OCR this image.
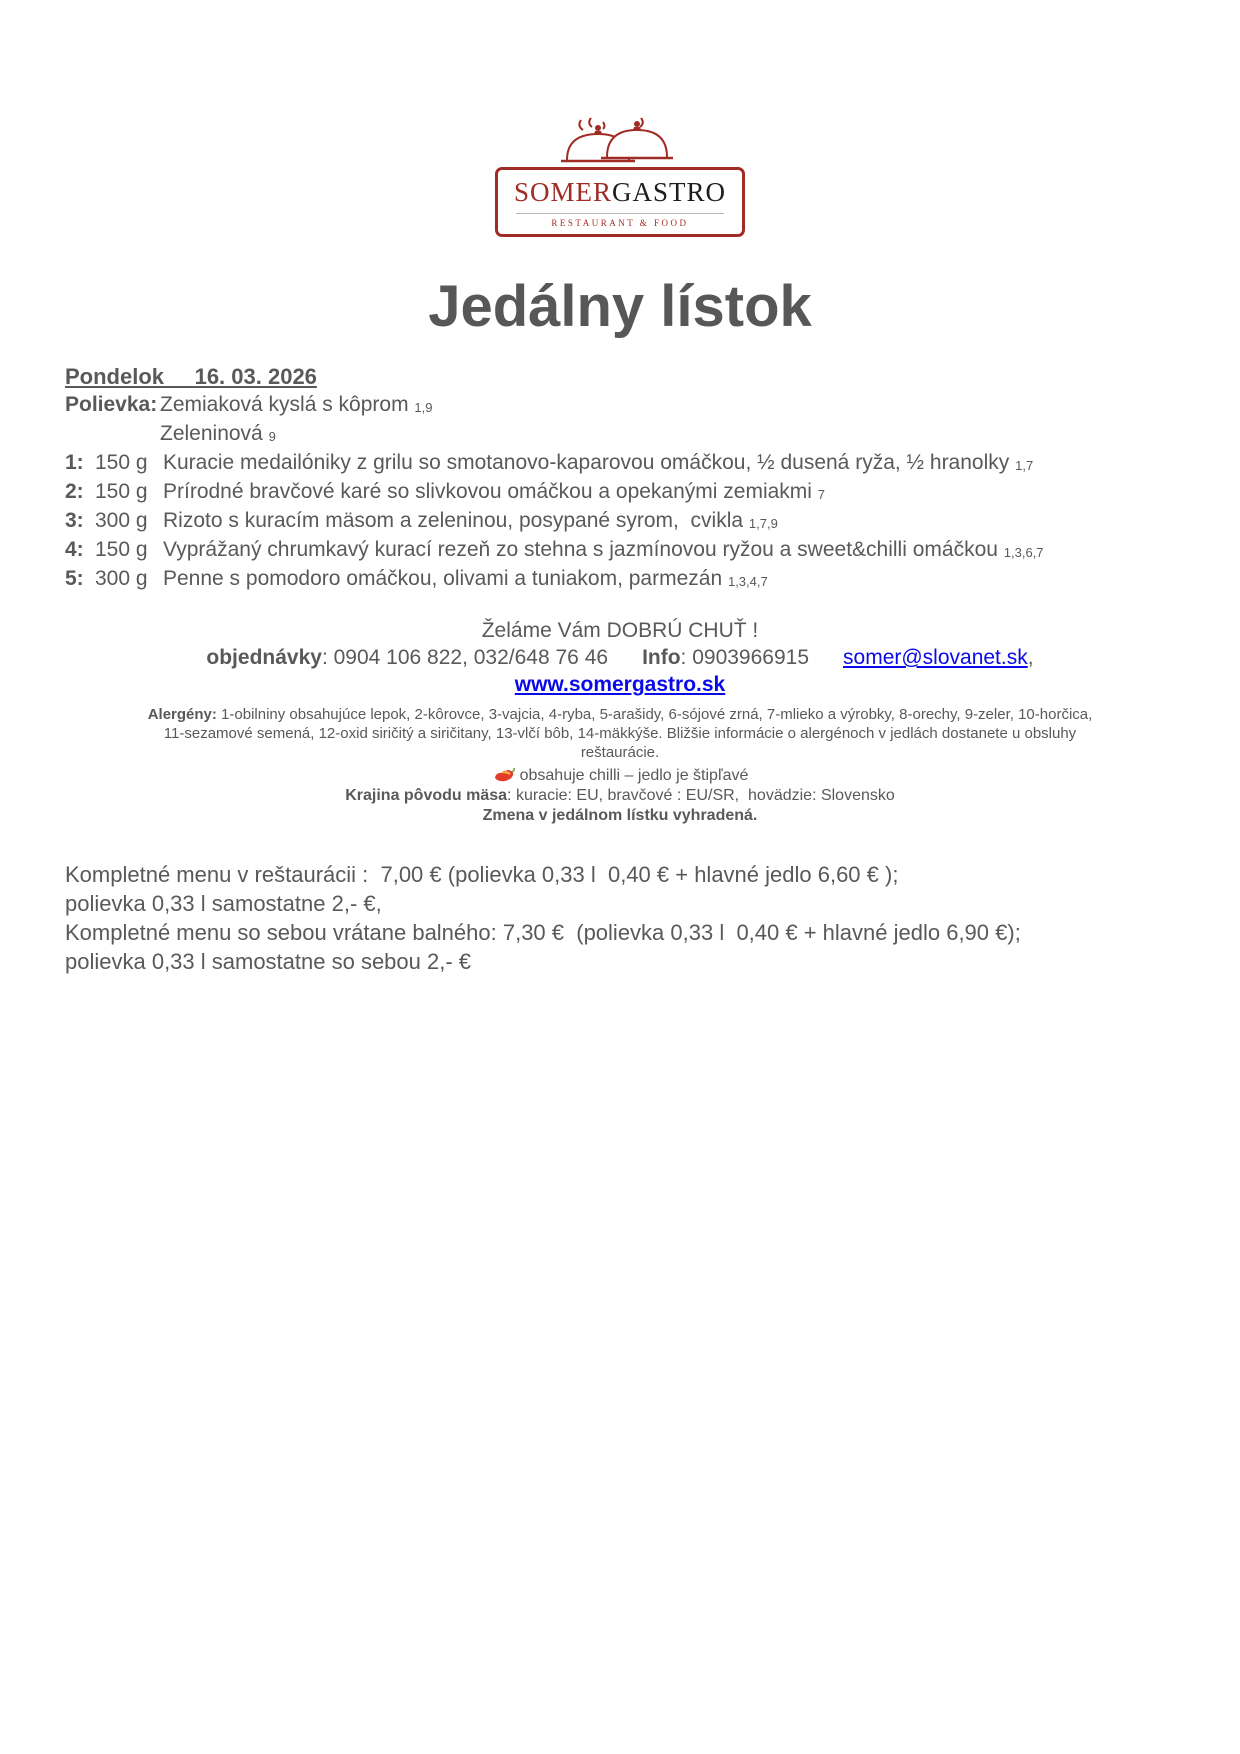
SOMERGASTRO
RESTAURANT & FOOD
Jedálny lístok
Pondelok 16. 03. 2026
Polievka: Zemiaková kyslá s kôprom 1,9
Zeleninová 9
1: 150 g Kuracie medailóniky z grilu so smotanovo-kaparovou omáčkou, ½ dusená ryža, ½ hranolky 1,7
2: 150 g Prírodné bravčové karé so slivkovou omáčkou a opekanými zemiakmi 7
3: 300 g Rizoto s kuracím mäsom a zeleninou, posypané syrom,  cvikla 1,7,9
4: 150 g Vyprážaný chrumkavý kurací rezeň zo stehna s jazmínovou ryžou a sweet&chilli omáčkou 1,3,6,7
5: 300 g Penne s pomodoro omáčkou, olivami a tuniakom, parmezán 1,3,4,7
Želáme Vám DOBRÚ CHUŤ !
objednávky: 0904 106 822, 032/648 76 46 Info: 0903966915 somer@slovanet.sk,
www.somergastro.sk
Alergény: 1-obilniny obsahujúce lepok, 2-kôrovce, 3-vajcia, 4-ryba, 5-arašidy, 6-sójové zrná, 7-mlieko a výrobky, 8-orechy, 9-zeler, 10-horčica, 11-sezamové semená, 12-oxid siričitý a siričitany, 13-vlčí bôb, 14-mäkkýše. Bližšie informácie o alergénoch v jedlách dostanete u obsluhy reštaurácie.
obsahuje chilli – jedlo je štipľavé
Krajina pôvodu mäsa: kuracie: EU, bravčové : EU/SR,  hovädzie: Slovensko
Zmena v jedálnom lístku vyhradená.
Kompletné menu v reštaurácii :  7,00 € (polievka 0,33 l  0,40 € + hlavné jedlo 6,60 € );
polievka 0,33 l samostatne 2,- €,
Kompletné menu so sebou vrátane balného: 7,30 €  (polievka 0,33 l  0,40 € + hlavné jedlo 6,90 €);
polievka 0,33 l samostatne so sebou 2,- €
